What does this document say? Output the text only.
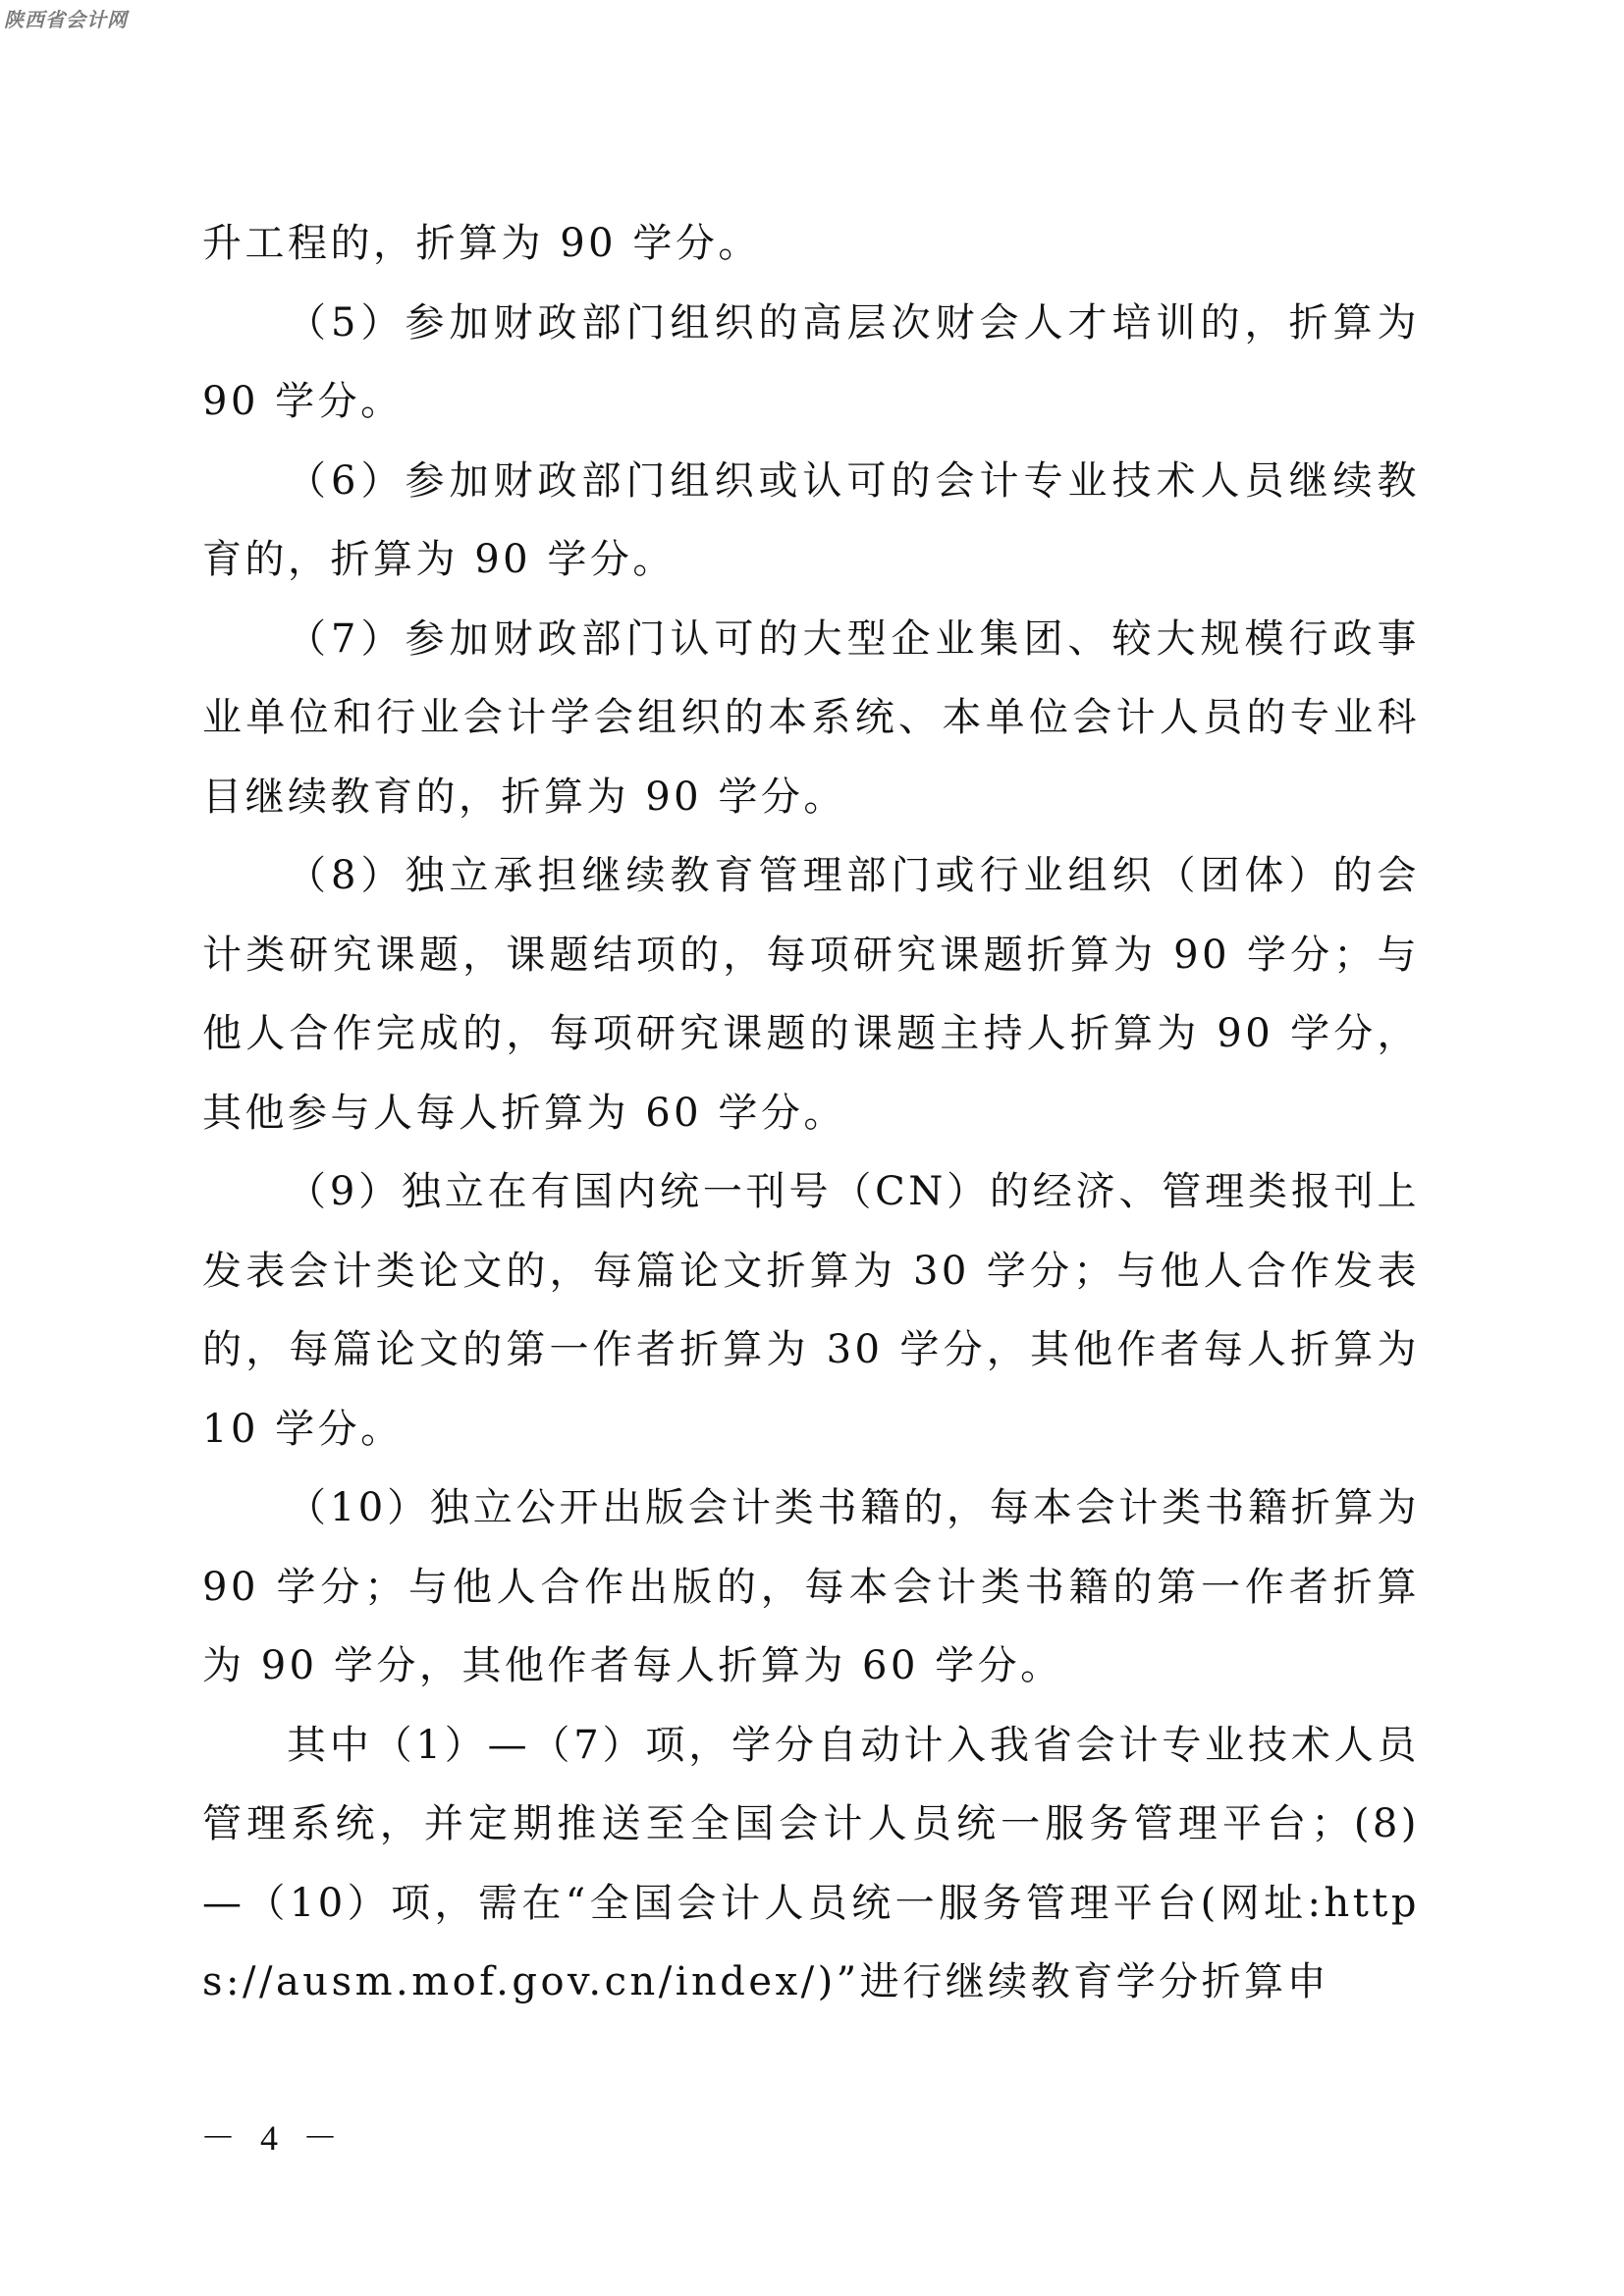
陕西省会计网

升工程的，折算为 90 学分。

（5）参加财政部门组织的高层次财会人才培训的，折算为 90 学分。

（6）参加财政部门组织或认可的会计专业技术人员继续教育的，折算为 90 学分。

（7）参加财政部门认可的大型企业集团、较大规模行政事业单位和行业会计学会组织的本系统、本单位会计人员的专业科目继续教育的，折算为 90 学分。

（8）独立承担继续教育管理部门或行业组织（团体）的会计类研究课题，课题结项的，每项研究课题折算为 90 学分；与他人合作完成的，每项研究课题的课题主持人折算为 90 学分，其他参与人每人折算为 60 学分。

（9）独立在有国内统一刊号（CN）的经济、管理类报刊上发表会计类论文的，每篇论文折算为 30 学分；与他人合作发表的，每篇论文的第一作者折算为 30 学分，其他作者每人折算为 10 学分。

（10）独立公开出版会计类书籍的，每本会计类书籍折算为 90 学分；与他人合作出版的，每本会计类书籍的第一作者折算为 90 学分，其他作者每人折算为 60 学分。

其中（1）—（7）项，学分自动计入我省会计专业技术人员管理系统，并定期推送至全国会计人员统一服务管理平台；(8)—（10）项，需在“全国会计人员统一服务管理平台(网址:https://ausm.mof.gov.cn/index/)”进行继续教育学分折算申

－ 4 －
